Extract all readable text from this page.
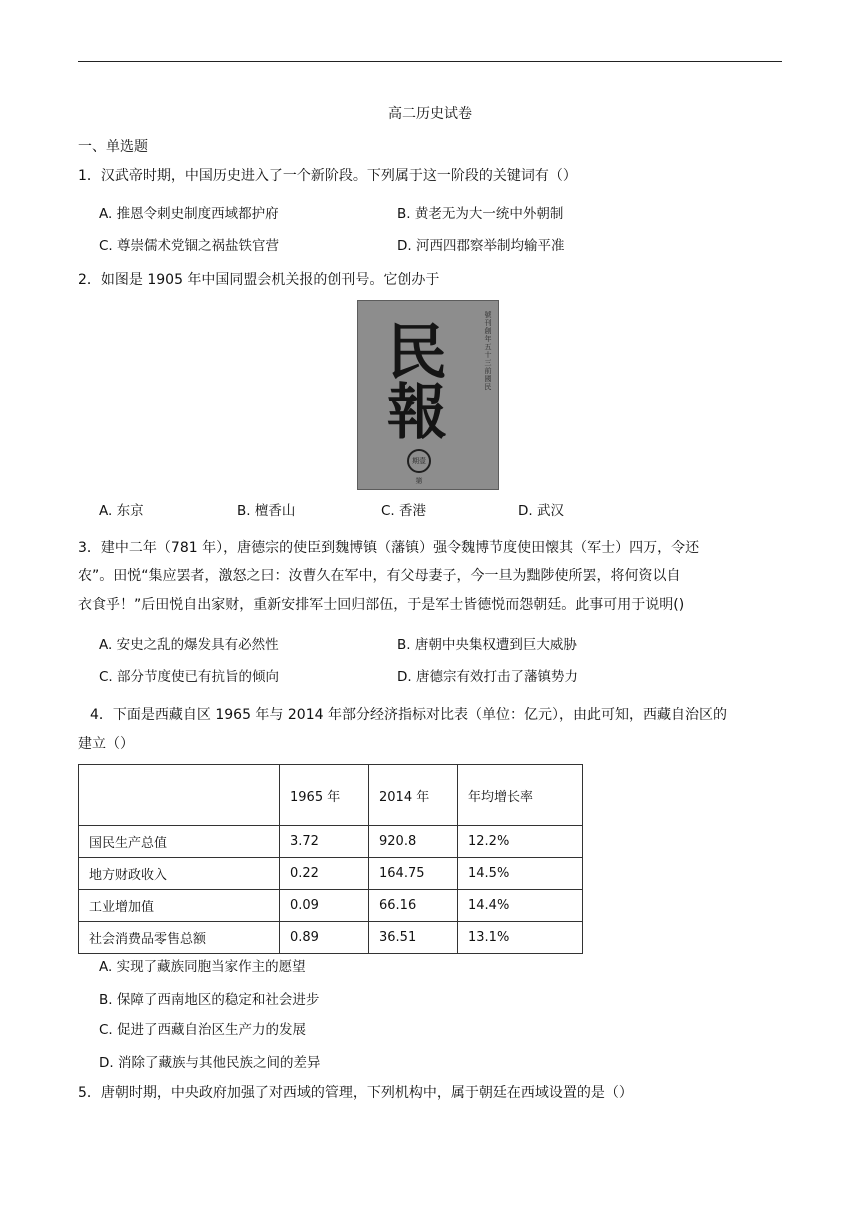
高二历史试卷
一、单选题
1．汉武帝时期，中国历史进入了一个新阶段。下列属于这一阶段的关键词有（）
A. 推恩令刺史制度西域都护府	B. 黄老无为大一统中外朝制
C. 尊崇儒术党锢之祸盐铁官营	D. 河西四郡察举制均输平准
2．如图是 1905 年中国同盟会机关报的创刊号。它创办于
民
報
號刊創年五十三前國民
期壹第
A. 东京	B. 檀香山	C. 香港	D. 武汉
3．建中二年（781 年），唐德宗的使臣到魏博镇（藩镇）强令魏博节度使田懐其（军士）四万，令还
农”。田悦“集应罢者，激怒之曰：汝曹久在军中，有父母妻子，今一旦为黜陟使所罢，将何资以自
衣食乎！”后田悦自出家财，重新安排军士回归部伍，于是军士皆德悦而怨朝廷。此事可用于说明()
A. 安史之乱的爆发具有必然性	B. 唐朝中央集权遭到巨大威胁
C. 部分节度使已有抗旨的倾向	D. 唐德宗有效打击了藩镇势力
4．下面是西藏自区 1965 年与 2014 年部分经济指标对比表（单位：亿元），由此可知，西藏自治区的
建立（）
	1965 年	2014 年	年均增长率
国民生产总值	3.72	920.8	12.2%
地方财政收入	0.22	164.75	14.5%
工业增加值	0.09	66.16	14.4%
社会消费品零售总额	0.89	36.51	13.1%
A. 实现了藏族同胞当家作主的愿望
B. 保障了西南地区的稳定和社会进步
C. 促进了西藏自治区生产力的发展
D. 消除了藏族与其他民族之间的差异
5．唐朝时期，中央政府加强了对西域的管理，下列机构中，属于朝廷在西域设置的是（）
